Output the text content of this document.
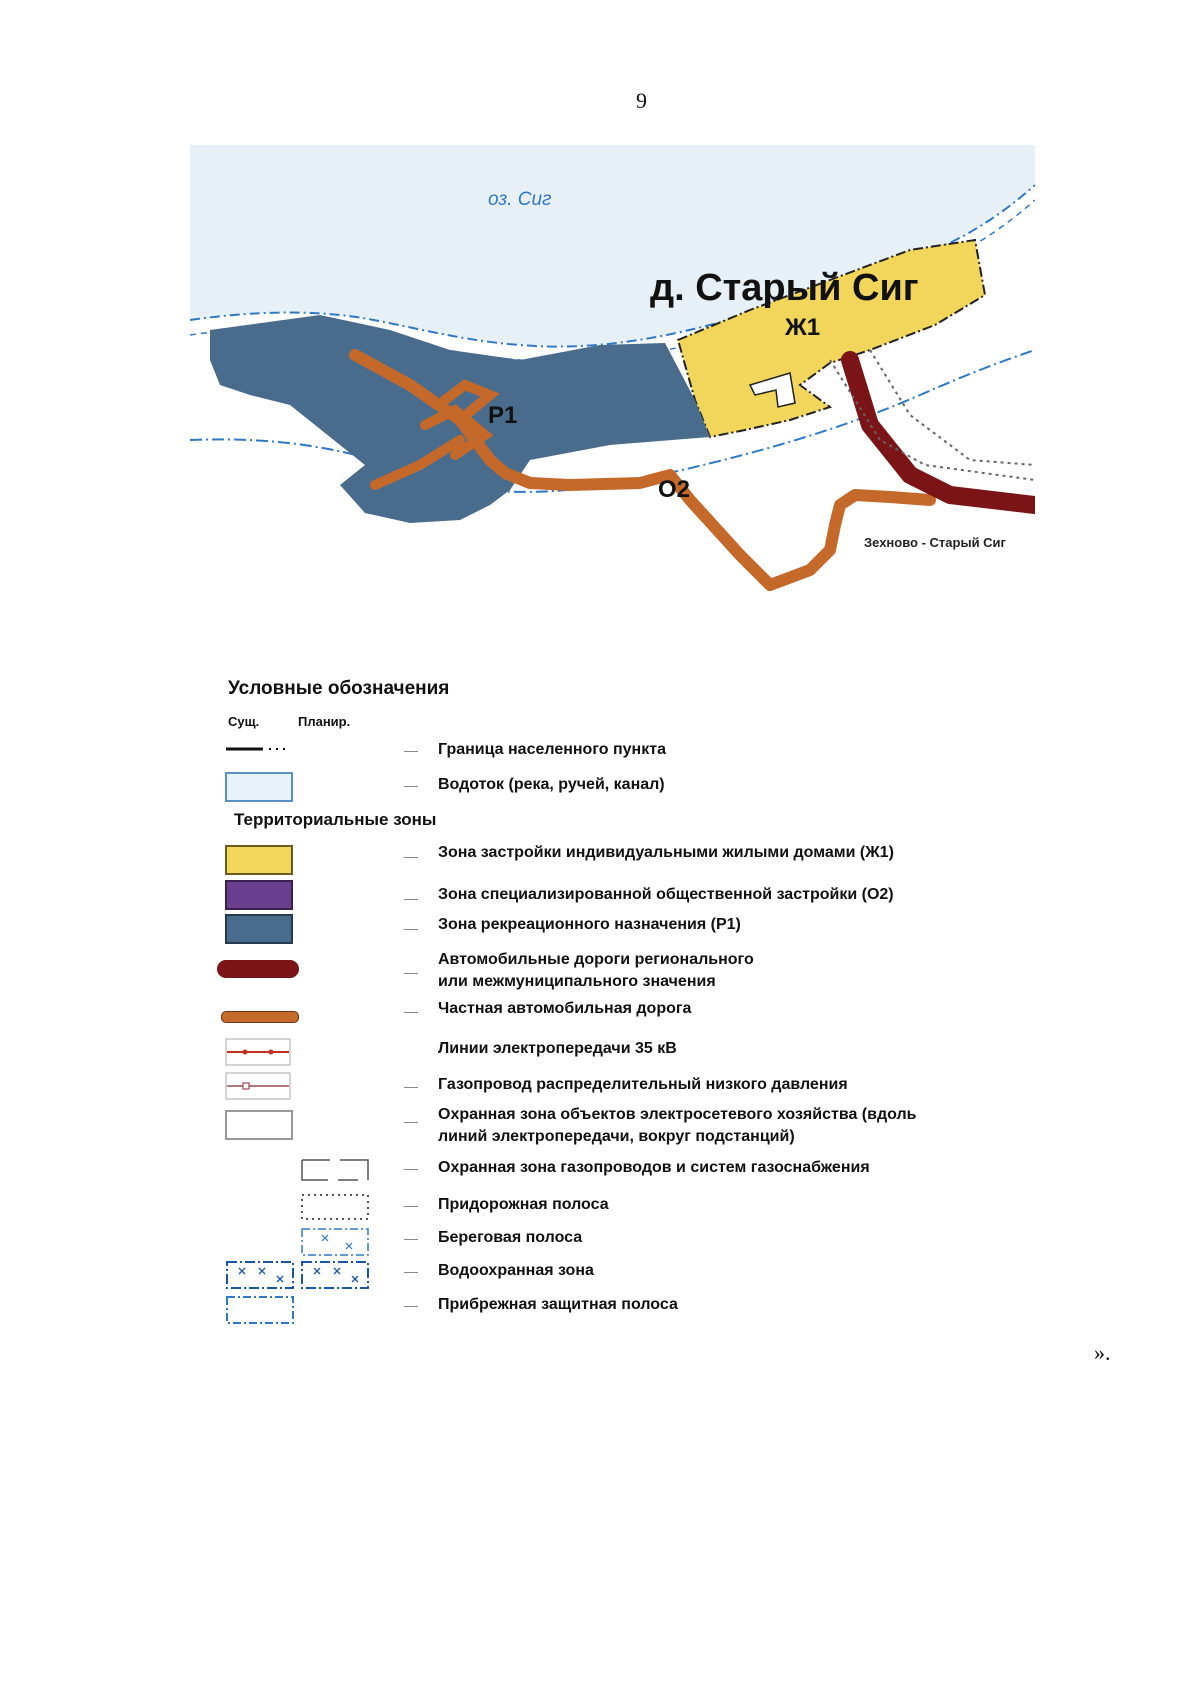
9
оз. Сиг
д. Старый Сиг
Ж1
Р1
О2
Зехново - Старый Сиг
Условные обозначения
Сущ.	Планир.
Территориальные зоны
Граница населенного пункта
Водоток (река, ручей, канал)
Зона застройки индивидуальными жилыми домами (Ж1)
Зона специализированной общественной застройки (О2)
Зона рекреационного назначения (Р1)
Автомобильные дороги регионального
или межмуниципального значения
Частная автомобильная дорога
Линии электропередачи 35 кВ
Газопровод распределительный низкого давления
Охранная зона объектов электросетевого хозяйства (вдоль
линий электропередачи, вокруг подстанций)
Охранная зона газопроводов и систем газоснабжения
Придорожная полоса
Береговая полоса
Водоохранная зона
Прибрежная защитная полоса
».
